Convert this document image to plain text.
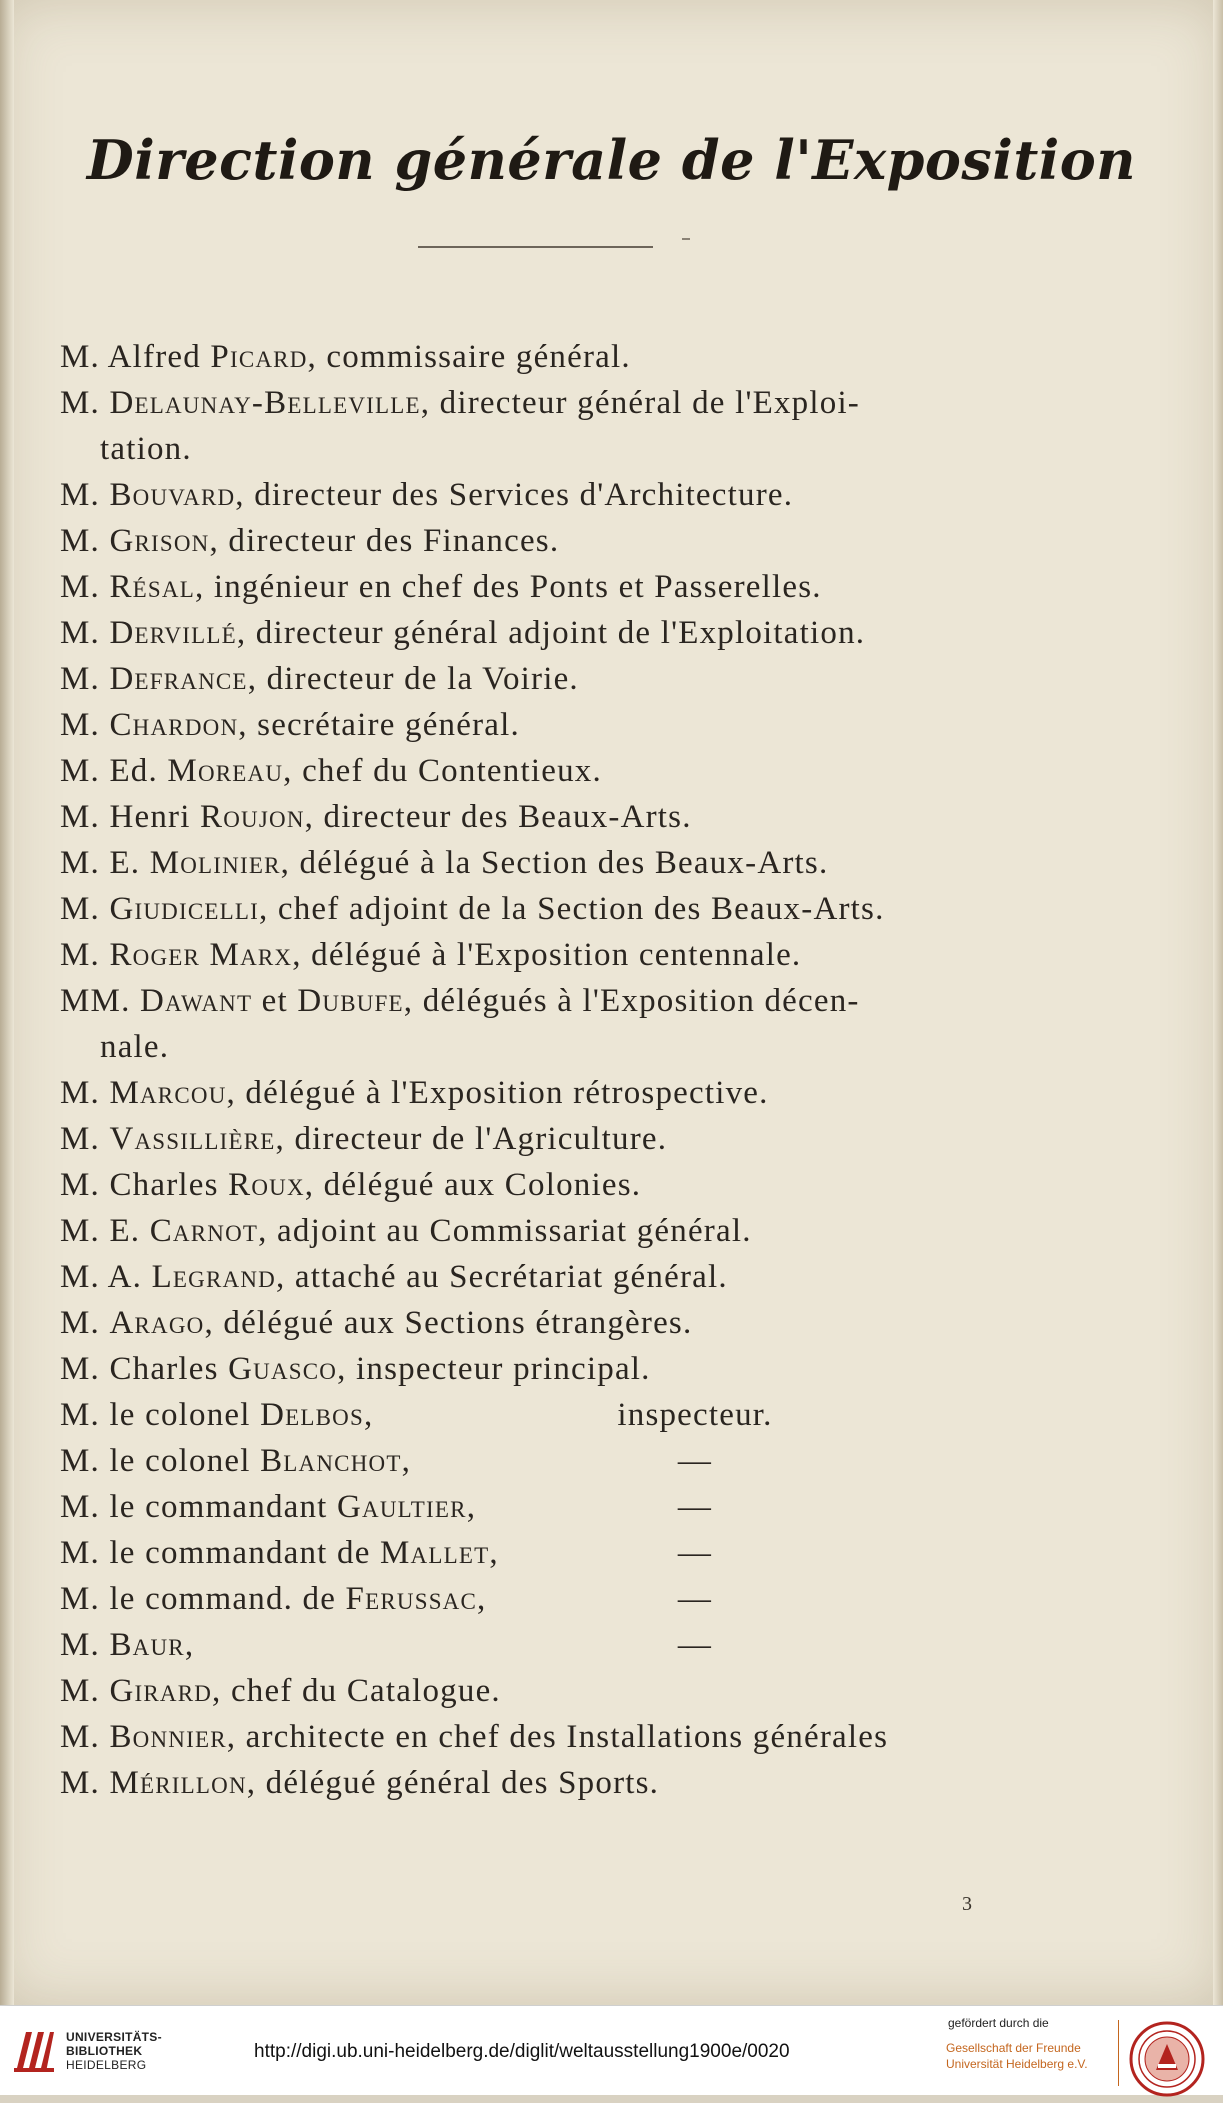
Direction générale de l'Exposition
M. Alfred Picard, commissaire général.
M. Delaunay-Belleville, directeur général de l'Exploi-
tation.
M. Bouvard, directeur des Services d'Architecture.
M. Grison, directeur des Finances.
M. Résal, ingénieur en chef des Ponts et Passerelles.
M. Dervillé, directeur général adjoint de l'Exploitation.
M. Defrance, directeur de la Voirie.
M. Chardon, secrétaire général.
M. Ed. Moreau, chef du Contentieux.
M. Henri Roujon, directeur des Beaux-Arts.
M. E. Molinier, délégué à la Section des Beaux-Arts.
M. Giudicelli, chef adjoint de la Section des Beaux-Arts.
M. Roger Marx, délégué à l'Exposition centennale.
MM. Dawant et Dubufe, délégués à l'Exposition décen-
nale.
M. Marcou, délégué à l'Exposition rétrospective.
M. Vassillière, directeur de l'Agriculture.
M. Charles Roux, délégué aux Colonies.
M. E. Carnot, adjoint au Commissariat général.
M. A. Legrand, attaché au Secrétariat général.
M. Arago, délégué aux Sections étrangères.
M. Charles Guasco, inspecteur principal.
M. le colonel Delbos,	inspecteur.
M. le colonel Blanchot,	—
M. le commandant Gaultier,	—
M. le commandant de Mallet,	—
M. le command. de Ferussac,	—
M. Baur,	—
M. Girard, chef du Catalogue.
M. Bonnier, architecte en chef des Installations générales
M. Mérillon, délégué général des Sports.
3
UNIVERSITÄTS-
BIBLIOTHEK
HEIDELBERG
http://digi.ub.uni-heidelberg.de/diglit/weltausstellung1900e/0020
gefördert durch die
Gesellschaft der Freunde
Universität Heidelberg e.V.
